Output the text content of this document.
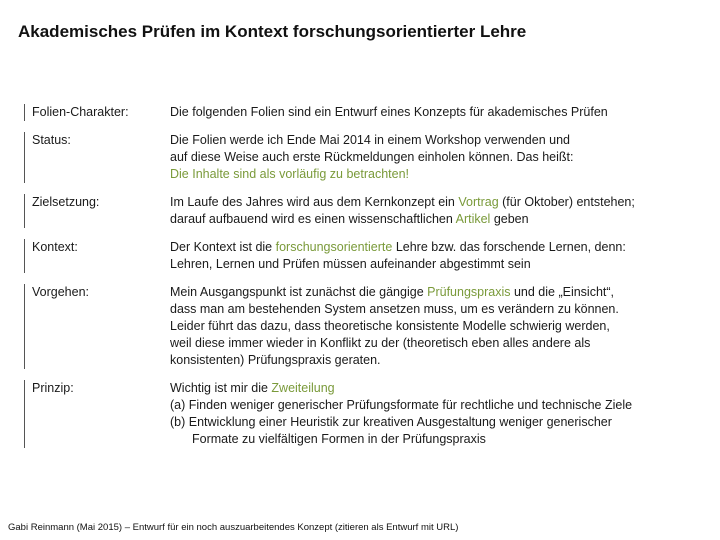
Akademisches Prüfen im Kontext forschungsorientierter Lehre
Folien-Charakter:	Die folgenden Folien sind ein Entwurf eines Konzepts für akademisches Prüfen
Status:	Die Folien werde ich Ende Mai 2014 in einem Workshop verwenden und
auf diese Weise auch erste Rückmeldungen einholen können. Das heißt:
Die Inhalte sind als vorläufig zu betrachten!
Zielsetzung:	Im Laufe des Jahres wird aus dem Kernkonzept ein Vortrag (für Oktober) entstehen;
darauf aufbauend wird es einen wissenschaftlichen Artikel geben
Kontext:	Der Kontext ist die forschungsorientierte Lehre bzw. das forschende Lernen, denn:
Lehren, Lernen und Prüfen müssen aufeinander abgestimmt sein
Vorgehen:	Mein Ausgangspunkt ist zunächst die gängige Prüfungspraxis und die „Einsicht“,
dass man am bestehenden System ansetzen muss, um es verändern zu können.
Leider führt das dazu, dass theoretische konsistente Modelle schwierig werden,
weil diese immer wieder in Konflikt zu der (theoretisch eben alles andere als
konsistenten) Prüfungspraxis geraten.
Prinzip:	Wichtig ist mir die Zweiteilung
(a) Finden weniger generischer Prüfungsformate für rechtliche und technische Ziele
(b) Entwicklung einer Heuristik zur kreativen Ausgestaltung weniger generischer
Formate zu vielfältigen Formen in der Prüfungspraxis
Gabi Reinmann (Mai 2015) – Entwurf für ein noch auszuarbeitendes Konzept (zitieren als Entwurf mit URL)
